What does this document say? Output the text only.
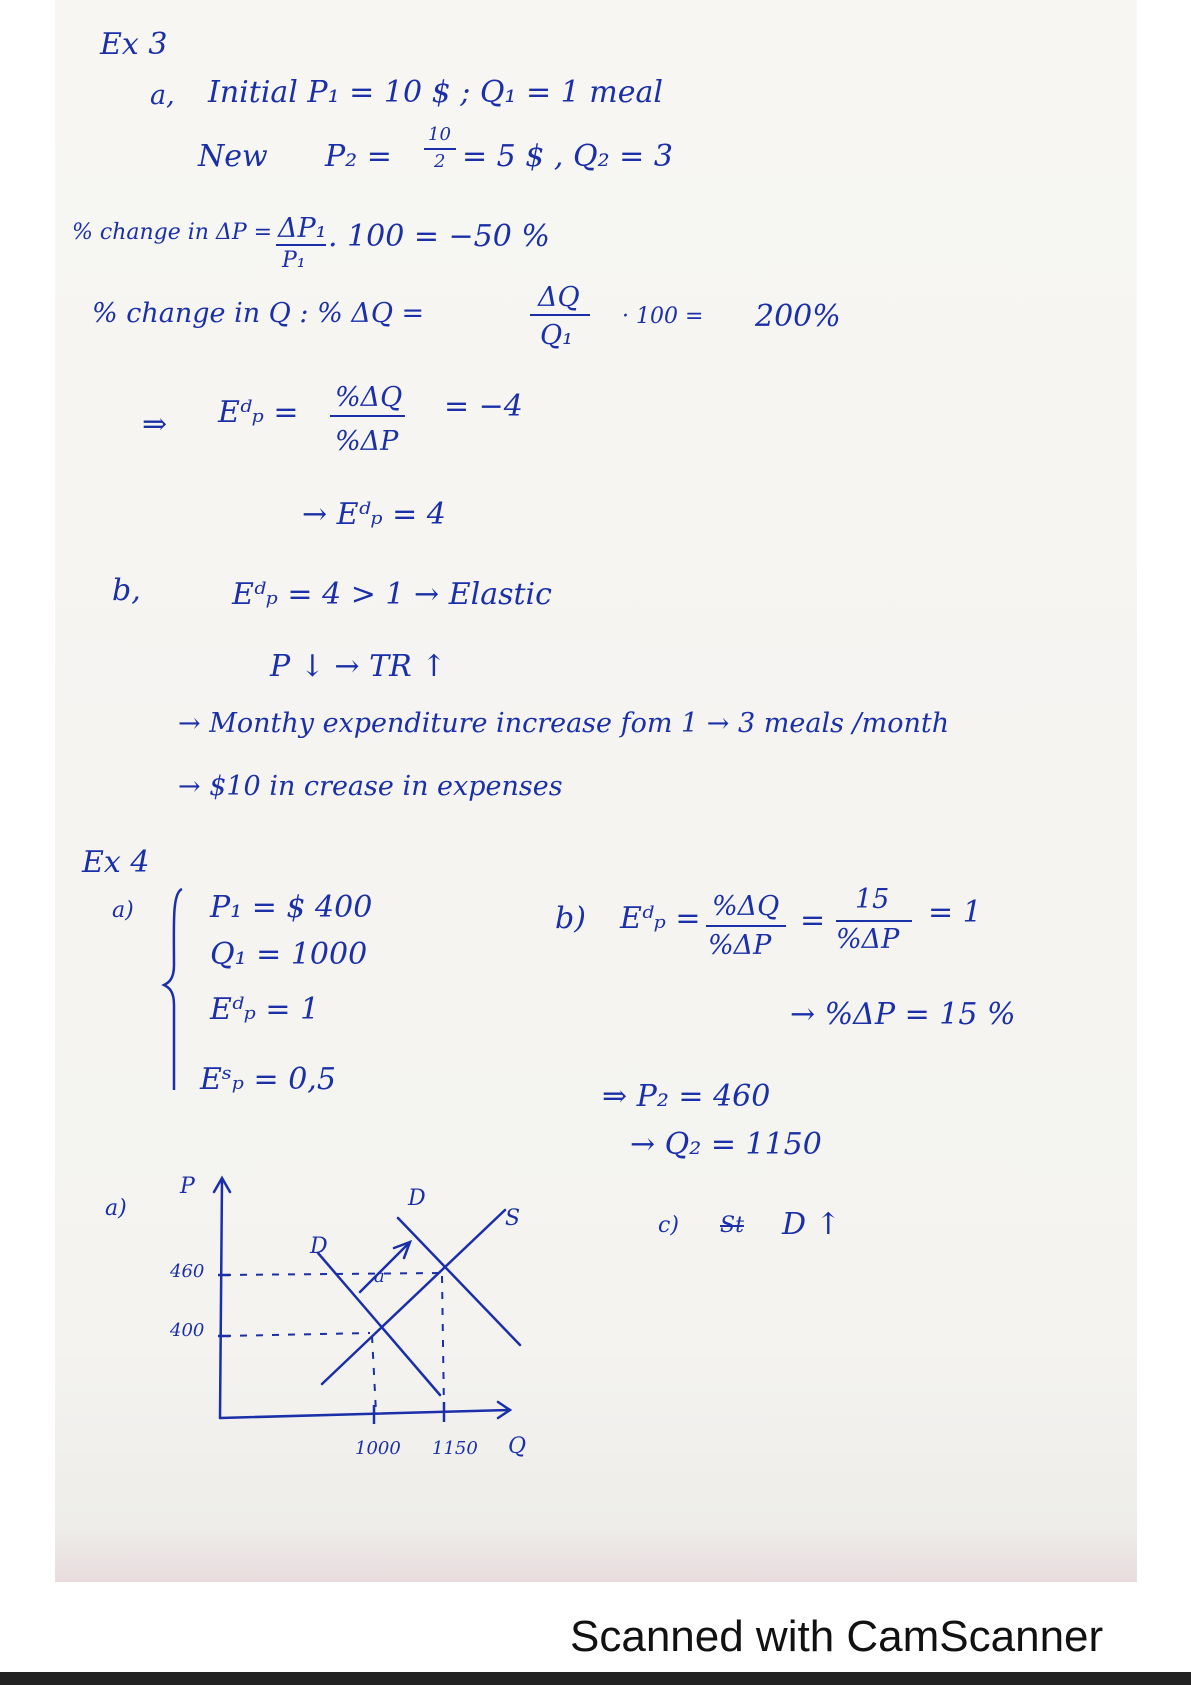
Ex 3
a, Initial P₁ = 10 $ ; Q₁ = 1 meal
New P₂ =
10
2 = 5 $ , Q₂ = 3
% change in ΔP = ΔP₁
P₁
. 100 = −50 %
% change in Q : % ΔQ =
ΔQ
Q₁
· 100 = 200%
⇒ Eᵈₚ = %ΔQ
%ΔP
= −4
→ Eᵈₚ = 4
b,	Eᵈₚ = 4 > 1 → Elastic
P ↓ → TR ↑
→ Monthy expenditure increase fom 1 → 3 meals /month
→ $10 in crease in expenses
Ex 4
a)	P₁ = $ 400
Q₁ = 1000
Eᵈₚ = 1
Eˢₚ = 0,5
b) Eᵈₚ = %ΔQ
%ΔP
=
15
%ΔP
= 1
→ %ΔP = 15 %
⇒ P₂ = 460
→ Q₂ = 1150
c) St D ↑
a)
P
460
400
1000 1150 Q
D
D
S
a
Scanned with CamScanner
